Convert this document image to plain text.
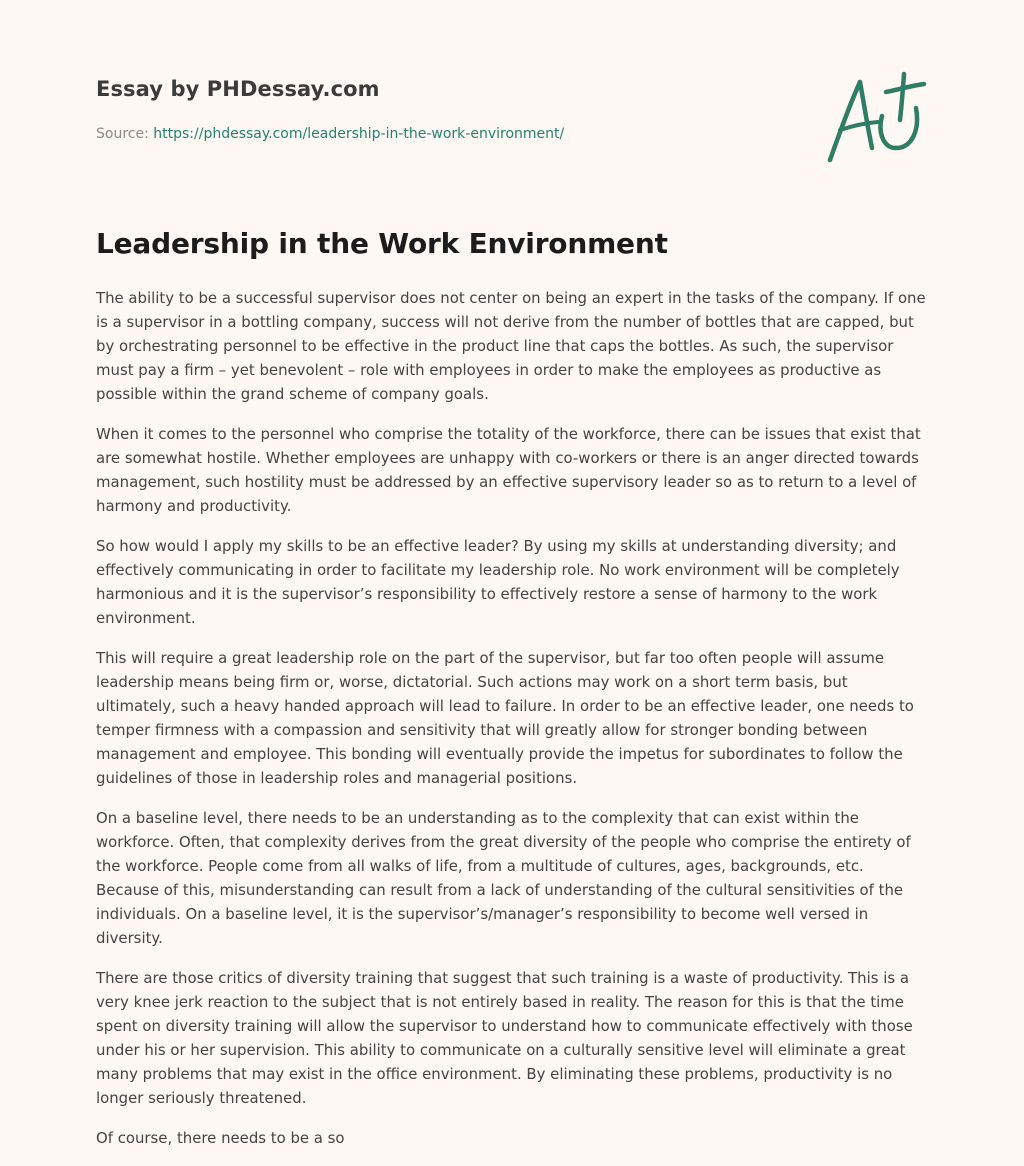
Essay by PHDessay.com
Source: https://phdessay.com/leadership-in-the-work-environment/
Leadership in the Work Environment

The ability to be a successful supervisor does not center on being an expert in the tasks of the company. If one is a supervisor in a bottling company, success will not derive from the number of bottles that are capped, but by orchestrating personnel to be effective in the product line that caps the bottles. As such, the supervisor must pay a firm – yet benevolent – role with employees in order to make the employees as productive as possible within the grand scheme of company goals.

When it comes to the personnel who comprise the totality of the workforce, there can be issues that exist that are somewhat hostile. Whether employees are unhappy with co-workers or there is an anger directed towards management, such hostility must be addressed by an effective supervisory leader so as to return to a level of harmony and productivity.

So how would I apply my skills to be an effective leader? By using my skills at understanding diversity; and effectively communicating in order to facilitate my leadership role. No work environment will be completely harmonious and it is the supervisor’s responsibility to effectively restore a sense of harmony to the work environment.

This will require a great leadership role on the part of the supervisor, but far too often people will assume leadership means being firm or, worse, dictatorial. Such actions may work on a short term basis, but ultimately, such a heavy handed approach will lead to failure. In order to be an effective leader, one needs to temper firmness with a compassion and sensitivity that will greatly allow for stronger bonding between management and employee. This bonding will eventually provide the impetus for subordinates to follow the guidelines of those in leadership roles and managerial positions.

On a baseline level, there needs to be an understanding as to the complexity that can exist within the workforce. Often, that complexity derives from the great diversity of the people who comprise the entirety of the workforce. People come from all walks of life, from a multitude of cultures, ages, backgrounds, etc. Because of this, misunderstanding can result from a lack of understanding of the cultural sensitivities of the individuals. On a baseline level, it is the supervisor’s/manager’s responsibility to become well versed in diversity.

There are those critics of diversity training that suggest that such training is a waste of productivity. This is a very knee jerk reaction to the subject that is not entirely based in reality. The reason for this is that the time spent on diversity training will allow the supervisor to understand how to communicate effectively with those under his or her supervision. This ability to communicate on a culturally sensitive level will eliminate a great many problems that may exist in the office environment. By eliminating these problems, productivity is no longer seriously threatened.

Of course, there needs to be a so
